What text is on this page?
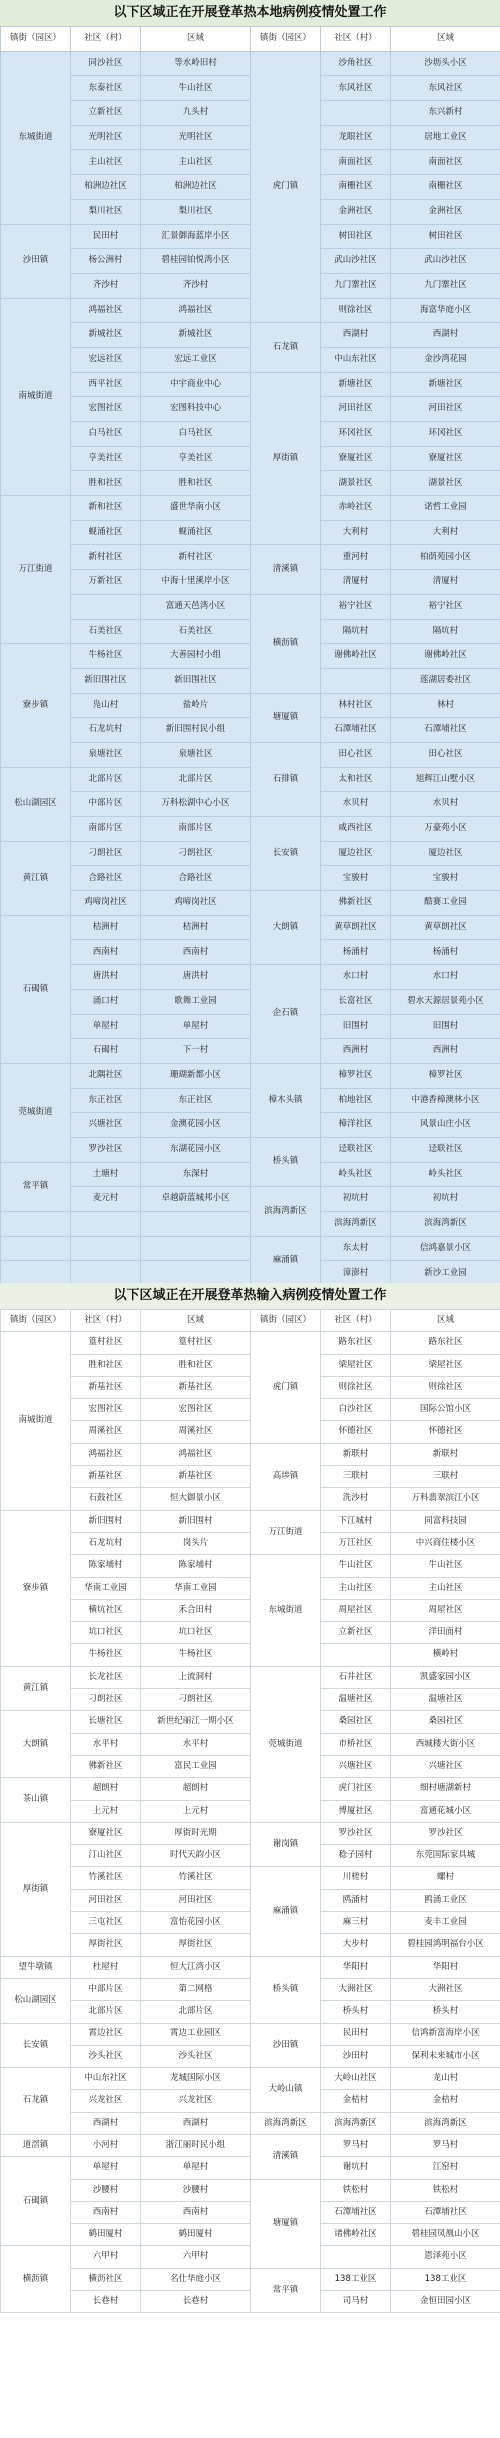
以下区域正在开展登革热本地病例疫情处置工作
镇街（园区）	社区（村）	区域	镇街（园区）	社区（村）	区域
东城街道	同沙社区	等水岭旧村	虎门镇	沙角社区	沙坜头小区
	东泰社区	牛山社区		东风社区	东风社区
	立新社区	九头村			东兴新村
	光明社区	光明社区		龙眼社区	居地工业区
	主山社区	主山社区		南面社区	南面社区
	柏洲边社区	柏洲边社区		南栅社区	南栅社区
	梨川社区	梨川社区		金洲社区	金洲社区
沙田镇	民田村	汇景御海蓝岸小区		树田社区	树田社区
	杨公洲村	碧桂园铂悦湾小区		武山沙社区	武山沙社区
	齐沙村	齐沙村		九门寨社区	九门寨社区
南城街道	鸿福社区	鸿福社区		则徐社区	海富华庭小区
	新城社区	新城社区	石龙镇	西湖村	西湖村
	宏远社区	宏远工业区		中山东社区	金沙湾花园
	西平社区	中宇商业中心	厚街镇	新塘社区	新塘社区
	宏图社区	宏图科技中心		河田社区	河田社区
	白马社区	白马社区		环冈社区	环冈社区
	亨美社区	亨美社区		寮厦社区	寮厦社区
	胜和社区	胜和社区		湖景社区	湖景社区
万江街道	新和社区	盛世华南小区		赤岭社区	诺哲工业园
	蚬涌社区	蚬涌社区		大利村	大利村
	新村社区	新村社区	清溪镇	重河村	柏荫苑园小区
	万新社区	中海十里溪岸小区		清厦村	清厦村
		富通天邑湾小区	横沥镇	裕宁社区	裕宁社区
	石美社区	石美社区		隔坑村	隔坑村
寮步镇	牛杨社区	大善园村小组		谢佛岭社区	谢佛岭社区
	新旧围社区	新旧围社区			莲湖居委社区
	凫山村	盐岭片	塘厦镇	林村社区	林村
	石龙坑村	新旧围村民小组		石潭埔社区	石潭埔社区
	泉塘社区	泉塘社区	石排镇	田心社区	田心社区
松山湖园区	北部片区	北部片区		太和社区	旭辉江山墅小区
	中部片区	万科松湖中心小区		水贝村	水贝村
	南部片区	南部片区	长安镇	咸西社区	万豪苑小区
黄江镇	刁朗社区	刁朗社区		厦边社区	厦边社区
	合路社区	合路社区		宝骏村	宝骏村
	鸡啼岗社区	鸡啼岗社区	大朗镇	佛新社区	酷赛工业园
石碣镇	桔洲村	桔洲村		黄草朗社区	黄草朗社区
	西南村	西南村		杨涌村	杨涌村
	唐洪村	唐洪村	企石镇	水口村	水口村
	涌口村	歌舞工业园		长富社区	碧水天源居景苑小区
	单屋村	单屋村		旧围村	旧围村
	石碣村	下一村		西洲村	西洲村
莞城街道	北隅社区	珊瑚新都小区	樟木头镇	樟罗社区	樟罗社区
	东正社区	东正社区		柏地社区	中港香樟澳林小区
	兴塘社区	金澳花园小区		樟洋社区	风景山庄小区
	罗沙社区	东湖花园小区	桥头镇	迳联社区	迳联社区
常平镇	土塘村	东深村		岭头社区	岭头社区
	麦元村	卓越蔚蓝城邦小区	滨海湾新区	初坑村	初坑村
				滨海湾新区	滨海湾新区
			麻涌镇	东太村	信鸿嘉景小区
				漳澎村	新沙工业园
以下区域正在开展登革热输入病例疫情处置工作
镇街（园区）	社区（村）	区域	镇街（园区）	社区（村）	区域
南城街道	篁村社区	篁村社区	虎门镇	路东社区	路东社区
	胜和社区	胜和社区		梁屋社区	梁屋社区
	新基社区	新基社区		则徐社区	则徐社区
	宏图社区	宏图社区		白沙社区	国际公馆小区
	周溪社区	周溪社区		怀德社区	怀德社区
	鸿福社区	鸿福社区	高埗镇	新联村	新联村
	新基社区	新基社区		三联村	三联村
	石鼓社区	恒大御景小区		洗沙村	万科翡翠滨江小区
寮步镇	新旧围村	新旧围村	万江街道	下江城村	同富科技园
	石龙坑村	岗头片		万江社区	中兴商住楼小区
	陈家埔村	陈家埔村	东城街道	牛山社区	牛山社区
	华南工业园	华南工业园		主山社区	主山社区
	横坑社区	禾合田村		周屋社区	周屋社区
	坑口社区	坑口社区		立新社区	洋田面村
	牛杨社区	牛杨社区			横岭村
黄江镇	长龙社区	上流洞村	莞城街道	石井社区	凯盛家园小区
	刁朗社区	刁朗社区		温塘社区	温塘社区
大朗镇	长塘社区	新世纪丽江一期小区		桑园社区	桑园社区
	水平村	水平村		市桥社区	西城楼大街小区
	佛新社区	富民工业园		兴塘社区	兴塘社区
茶山镇	超朗村	超朗村		虎门社区	细村塘湖新村
	上元村	上元村		博厦社区	富通花城小区
厚街镇	寮厦社区	厚街时光期	谢岗镇	罗沙社区	罗沙社区
	汀山社区	时代天韵小区		稔子园村	东莞国际家具城
	竹溪社区	竹溪社区	麻涌镇	川槎村	螺村
	河田社区	河田社区		鸥涌村	鸥涌工业区
	三屯社区	富怡花园小区		麻三村	麦丰工业园
	厚街社区	厚街社区		大步村	碧桂园鸿明福台小区
望牛墩镇	杜屋村	恒大江湾小区	桥头镇	华阳村	华阳村
松山湖园区	中部片区	第二网格		大洲社区	大洲社区
	北部片区	北部片区		桥头村	桥头村
长安镇	霄边社区	霄边工业园区	沙田镇	民田村	信鸿新富海岸小区
	沙头社区	沙头社区		沙田村	保利未来城市小区
石龙镇	中山东社区	龙城国际小区	大岭山镇	大岭山社区	龙山村
	兴龙社区	兴龙社区		金桔村	金桔村
	西湖村	西湖村	滨海湾新区	滨海湾新区	滨海湾新区
道滘镇	小河村	浙江丽时民小组	清溪镇	罗马村	罗马村
石碣镇	单屋村	单屋村		谢坑村	江窑村
	沙腰村	沙腰村	塘厦镇	铁松村	铁松村
	西南村	西南村		石潭埔社区	石潭埔社区
	鹤田厦村	鹤田厦村		诸佛岭社区	碧桂园凤凰山小区
横沥镇	六甲村	六甲村			恩泽苑小区
	横沥社区	名仕华庭小区	常平镇	138工业区	138工业区
	长巷村	长巷村		司马村	金恒田园小区
